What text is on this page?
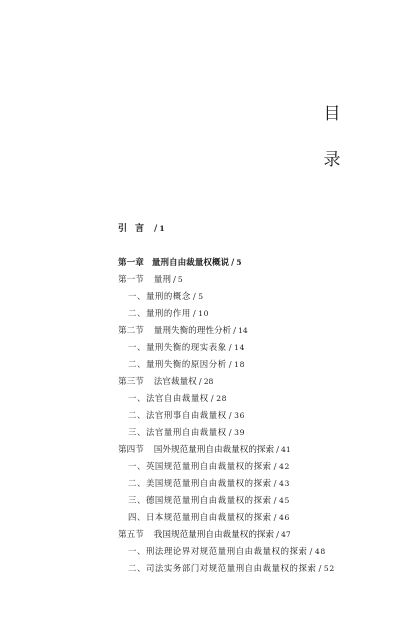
目
录
引言 / 1
第一章 量刑自由裁量权概说 / 5
第一节 量刑 / 5
一、量刑的概念 / 5
二、量刑的作用 / 10
第二节 量刑失衡的理性分析 / 14
一、量刑失衡的现实表象 / 14
二、量刑失衡的原因分析 / 18
第三节 法官裁量权 / 28
一、法官自由裁量权 / 28
二、法官刑事自由裁量权 / 36
三、法官量刑自由裁量权 / 39
第四节 国外规范量刑自由裁量权的探索 / 41
一、英国规范量刑自由裁量权的探索 / 42
二、美国规范量刑自由裁量权的探索 / 43
三、德国规范量刑自由裁量权的探索 / 45
四、日本规范量刑自由裁量权的探索 / 46
第五节 我国规范量刑自由裁量权的探索 / 47
一、刑法理论界对规范量刑自由裁量权的探索 / 48
二、司法实务部门对规范量刑自由裁量权的探索 / 52
